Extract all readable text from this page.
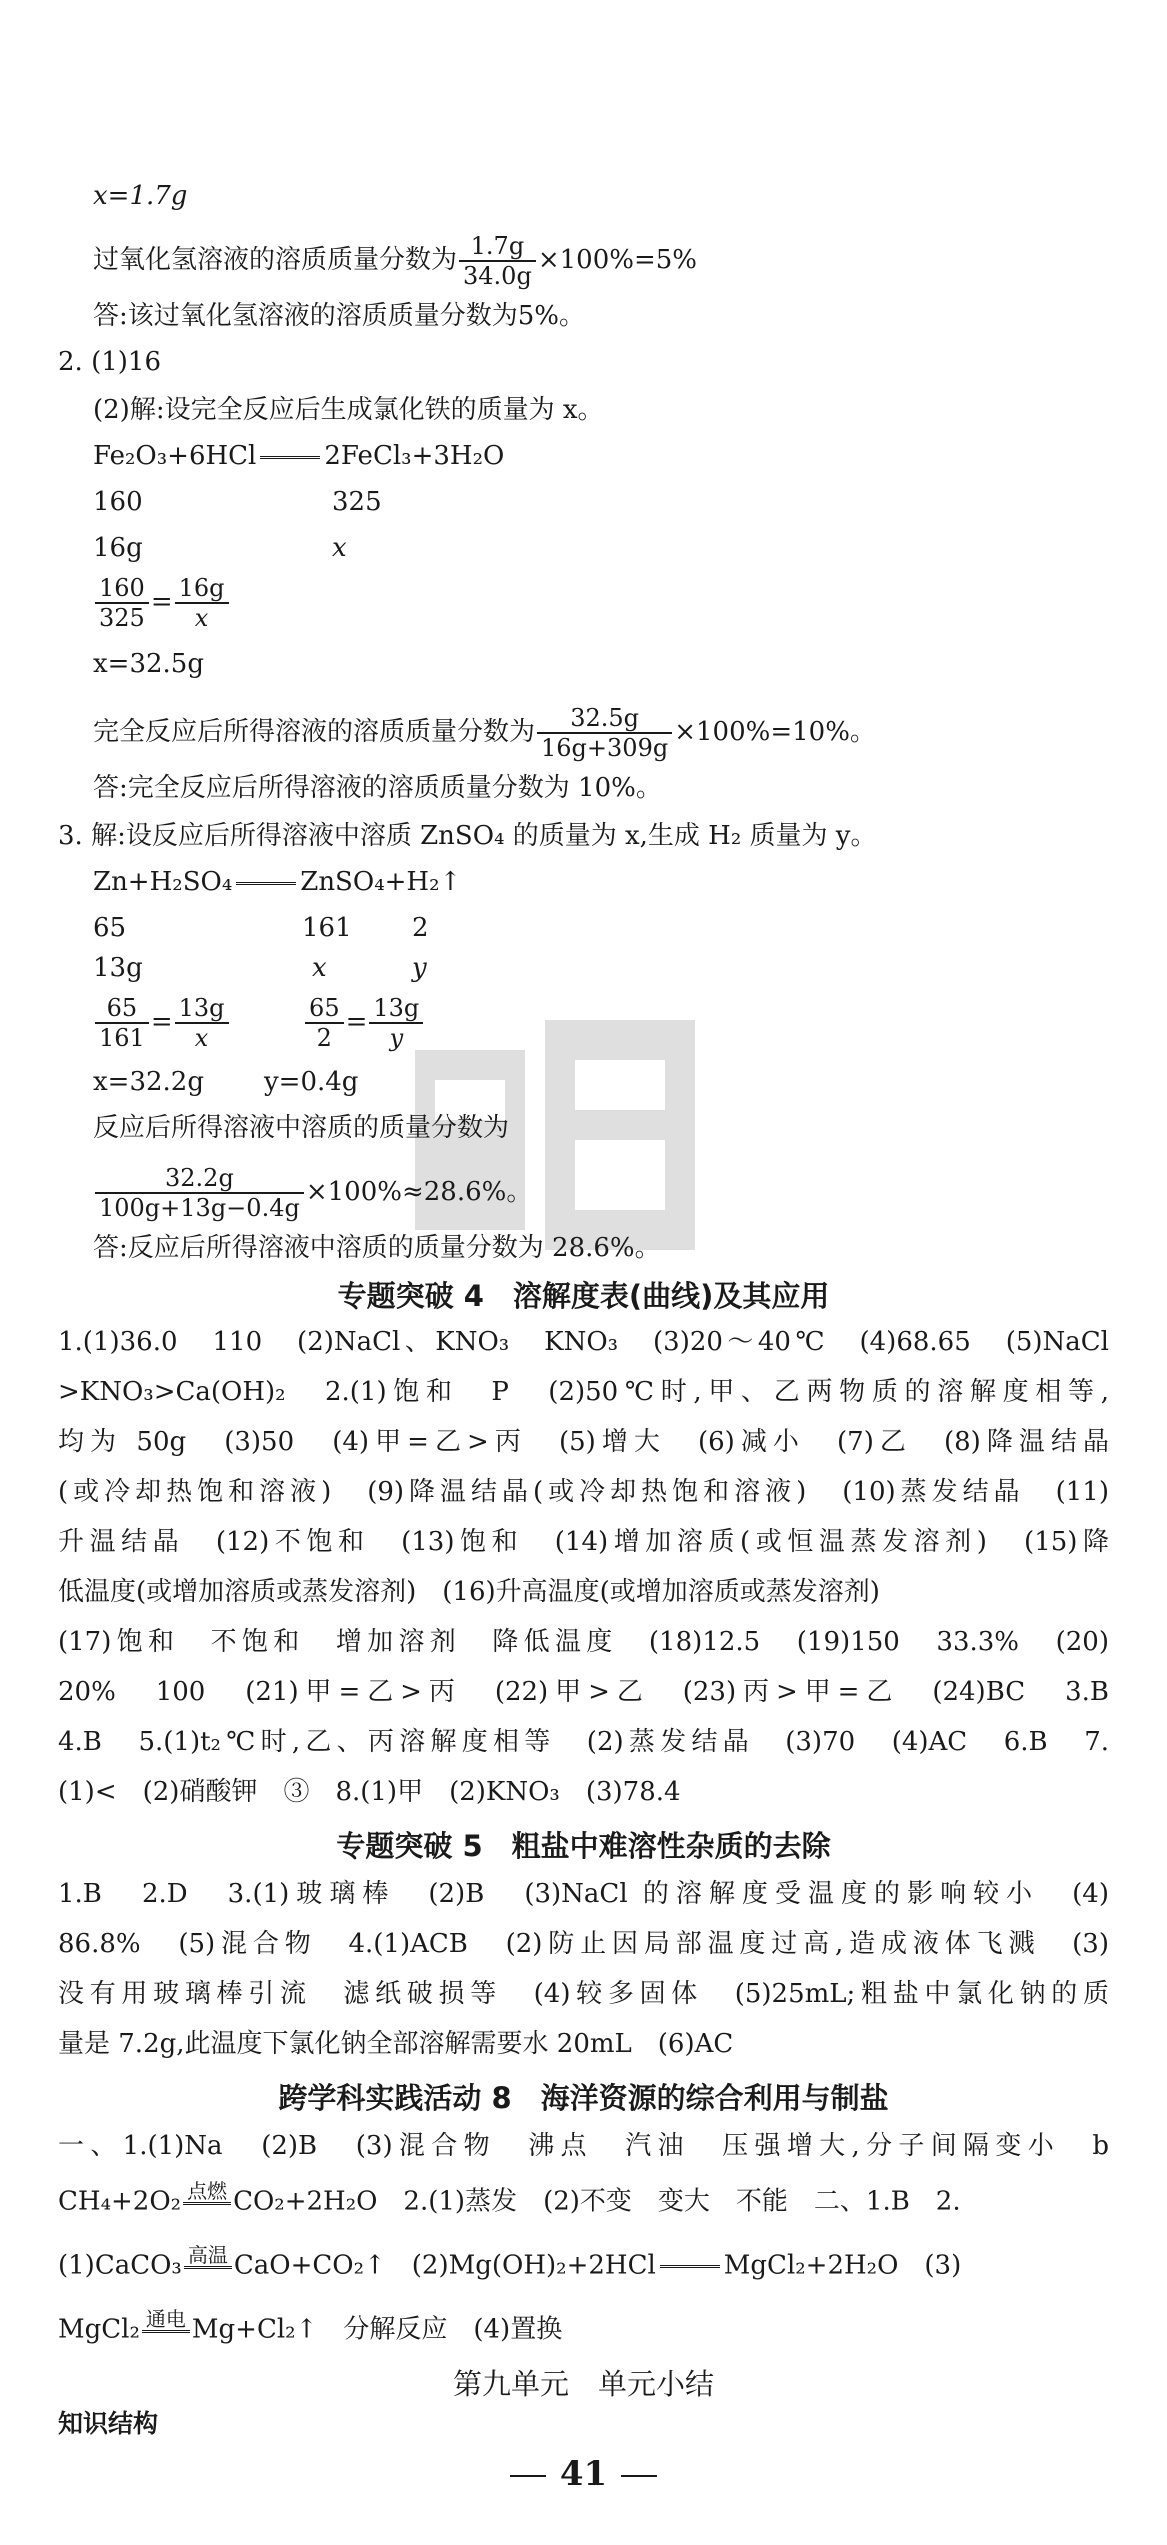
x=1.7g
过氧化氢溶液的溶质质量分数为 $\frac{1.7g}{34.0g} \times 100\%=5\%$
答:该过氧化氢溶液的溶质质量分数为5%。
2. (1)16
(2)解:设完全反应后生成氯化铁的质量为 x。
Fe₂O₃+6HCl	2FeCl₃+3H₂O
160	325
16g	x
$\frac{160}{325} = \frac{16g}{x}$
x=32.5g
完全反应后所得溶液的溶质质量分数为 $\frac{32.5g}{16g+309g} \times 100\%=10\%$。
答:完全反应后所得溶液的溶质质量分数为 10%。
3. 解:设反应后所得溶液中溶质 ZnSO₄ 的质量为 x,生成 H₂ 质量为 y。
Zn+H₂SO₄	ZnSO₄+H₂↑
65	161 2
13g	x	y
$\frac{65}{161} = \frac{13g}{x}$
	$\frac{65}{2} = \frac{13g}{y}$
x=32.2g y=0.4g
反应后所得溶液中溶质的质量分数为
$\frac{32.2g}{100g+13g-0.4g} \times 100\%\approx 28.6\%$。
答:反应后所得溶液中溶质的质量分数为 28.6%。
专题突破 4　溶解度表(曲线)及其应用
1.(1)36.0　110　(2)NaCl、KNO₃　KNO₃　(3)20～40℃　(4)68.65　(5)NaCl
>KNO₃>Ca(OH)₂　2.(1)饱和　P　(2)50℃时,甲、乙两物质的溶解度相等,
均为 50g　(3)50　(4)甲=乙>丙　(5)增大　(6)减小　(7)乙　(8)降温结晶
(或冷却热饱和溶液)　(9)降温结晶(或冷却热饱和溶液)　(10)蒸发结晶　(11)
升温结晶　(12)不饱和　(13)饱和　(14)增加溶质(或恒温蒸发溶剂)　(15)降
低温度(或增加溶质或蒸发溶剂)　(16)升高温度(或增加溶质或蒸发溶剂)
(17)饱和　不饱和　增加溶剂　降低温度　(18)12.5　(19)150　33.3%　(20)
20%　100　(21)甲=乙>丙　(22)甲>乙　(23)丙>甲=乙　(24)BC　3.B
4.B　5.(1)t₂℃时,乙、丙溶解度相等　(2)蒸发结晶　(3)70　(4)AC　6.B　7.
(1)<　(2)硝酸钾　③　8.(1)甲　(2)KNO₃　(3)78.4
专题突破 5　粗盐中难溶性杂质的去除
1.B　2.D　3.(1)玻璃棒　(2)B　(3)NaCl 的溶解度受温度的影响较小　(4)
86.8%　(5)混合物　4.(1)ACB　(2)防止因局部温度过高,造成液体飞溅　(3)
没有用玻璃棒引流　滤纸破损等　(4)较多固体　(5)25mL;粗盐中氯化钠的质
量是 7.2g,此温度下氯化钠全部溶解需要水 20mL　(6)AC
跨学科实践活动 8　海洋资源的综合利用与制盐
一、1.(1)Na　(2)B　(3)混合物　沸点　汽油　压强增大,分子间隔变小　b
CH₄+2O₂ 点燃 CO₂+2H₂O　2.(1)蒸发　(2)不变　变大　不能　二、1.B　2.
(1)CaCO₃ 高温 CaO+CO₂↑　(2)Mg(OH)₂+2HCl	MgCl₂+2H₂O　(3)
MgCl₂ 通电 Mg+Cl₂↑　分解反应　(4)置换
第九单元　单元小结
知识结构
41
